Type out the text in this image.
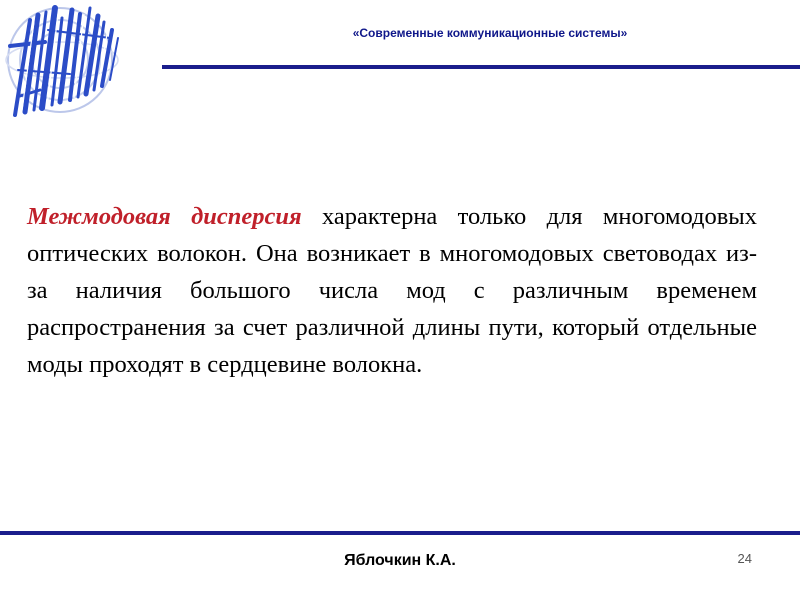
«Современные коммуникационные системы»
Межмодовая дисперсия характерна только для многомодовых оптических волокон. Она возникает в многомодовых световодах из-за наличия большого числа мод с различным временем распространения за счет различной длины пути, который отдельные моды проходят в сердцевине волокна.
Яблочкин К.А.	24
